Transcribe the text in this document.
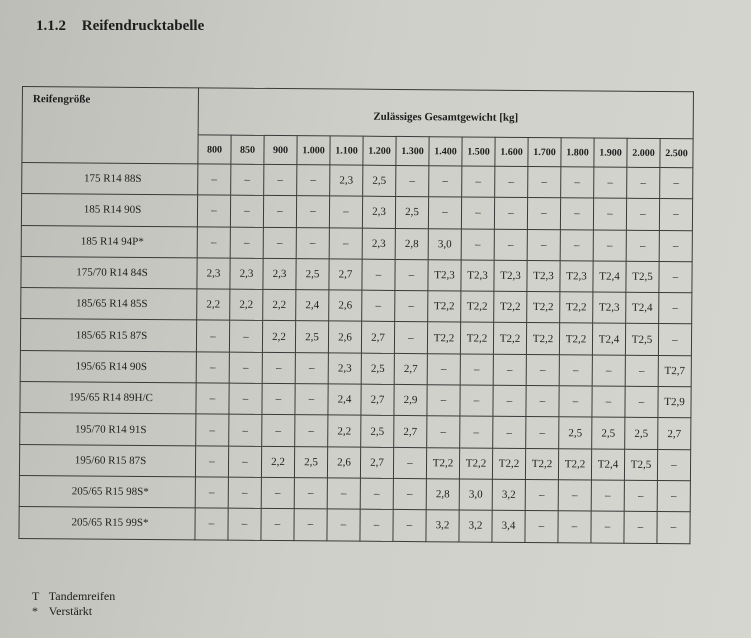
1.1.2 Reifendrucktabelle
Reifengröße	Zulässiges Gesamtgewicht [kg]														
	800	850	900	1.000	1.100	1.200	1.300	1.400	1.500	1.600	1.700	1.800	1.900	2.000	2.500
175 R14 88S	–	–	–	–	2,3	2,5	–	–	–	–	–	–	–	–	–
185 R14 90S	–	–	–	–	–	2,3	2,5	–	–	–	–	–	–	–	–
185 R14 94P*	–	–	–	–	–	2,3	2,8	3,0	–	–	–	–	–	–	–
175/70 R14 84S	2,3	2,3	2,3	2,5	2,7	–	–	T2,3	T2,3	T2,3	T2,3	T2,3	T2,4	T2,5	–
185/65 R14 85S	2,2	2,2	2,2	2,4	2,6	–	–	T2,2	T2,2	T2,2	T2,2	T2,2	T2,3	T2,4	–
185/65 R15 87S	–	–	2,2	2,5	2,6	2,7	–	T2,2	T2,2	T2,2	T2,2	T2,2	T2,4	T2,5	–
195/65 R14 90S	–	–	–	–	2,3	2,5	2,7	–	–	–	–	–	–	–	T2,7
195/65 R14 89H/C	–	–	–	–	2,4	2,7	2,9	–	–	–	–	–	–	–	T2,9
195/70 R14 91S	–	–	–	–	2,2	2,5	2,7	–	–	–	–	2,5	2,5	2,5	2,7
195/60 R15 87S	–	–	2,2	2,5	2,6	2,7	–	T2,2	T2,2	T2,2	T2,2	T2,2	T2,4	T2,5	–
205/65 R15 98S*	–	–	–	–	–	–	–	2,8	3,0	3,2	–	–	–	–	–
205/65 R15 99S*	–	–	–	–	–	–	–	3,2	3,2	3,4	–	–	–	–	–
T Tandemreifen
* Verstärkt
